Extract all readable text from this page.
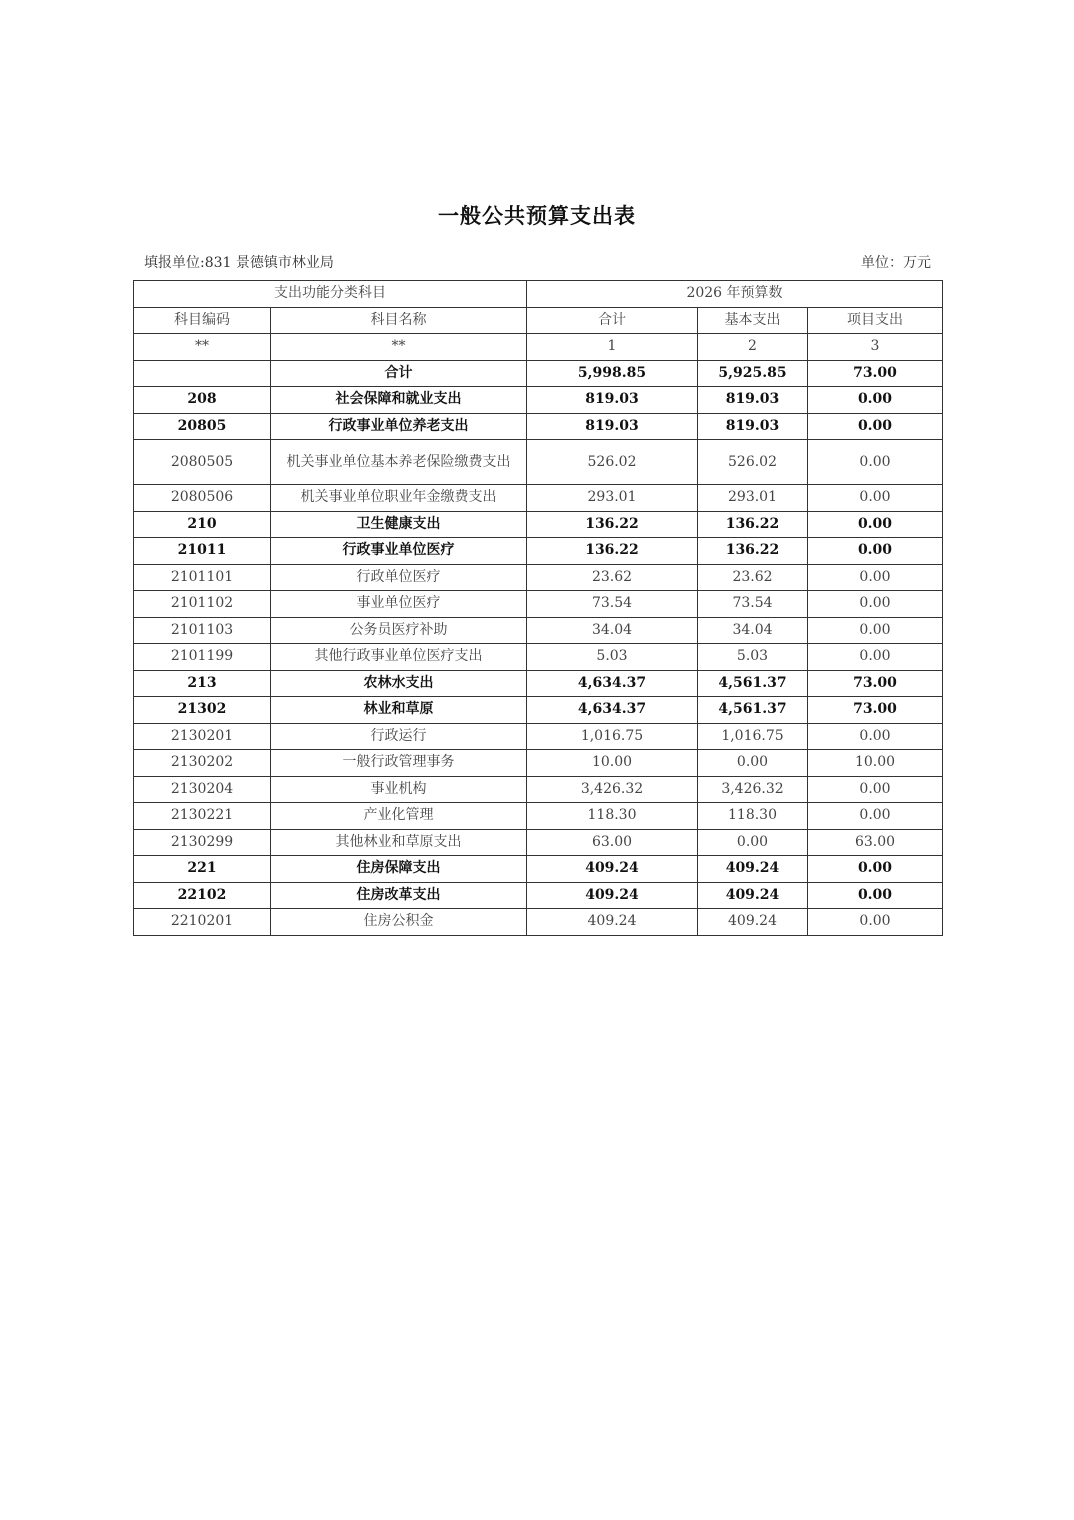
一般公共预算支出表
填报单位:831 景德镇市林业局	单位：万元
支出功能分类科目		2026 年预算数		
科目编码	科目名称	合计	基本支出	项目支出
**	**	1	2	3
	合计	5,998.85	5,925.85	73.00
208	社会保障和就业支出	819.03	819.03	0.00
20805	行政事业单位养老支出	819.03	819.03	0.00
2080505	机关事业单位基本养老保险缴费支出	526.02	526.02	0.00
2080506	机关事业单位职业年金缴费支出	293.01	293.01	0.00
210	卫生健康支出	136.22	136.22	0.00
21011	行政事业单位医疗	136.22	136.22	0.00
2101101	行政单位医疗	23.62	23.62	0.00
2101102	事业单位医疗	73.54	73.54	0.00
2101103	公务员医疗补助	34.04	34.04	0.00
2101199	其他行政事业单位医疗支出	5.03	5.03	0.00
213	农林水支出	4,634.37	4,561.37	73.00
21302	林业和草原	4,634.37	4,561.37	73.00
2130201	行政运行	1,016.75	1,016.75	0.00
2130202	一般行政管理事务	10.00	0.00	10.00
2130204	事业机构	3,426.32	3,426.32	0.00
2130221	产业化管理	118.30	118.30	0.00
2130299	其他林业和草原支出	63.00	0.00	63.00
221	住房保障支出	409.24	409.24	0.00
22102	住房改革支出	409.24	409.24	0.00
2210201	住房公积金	409.24	409.24	0.00
